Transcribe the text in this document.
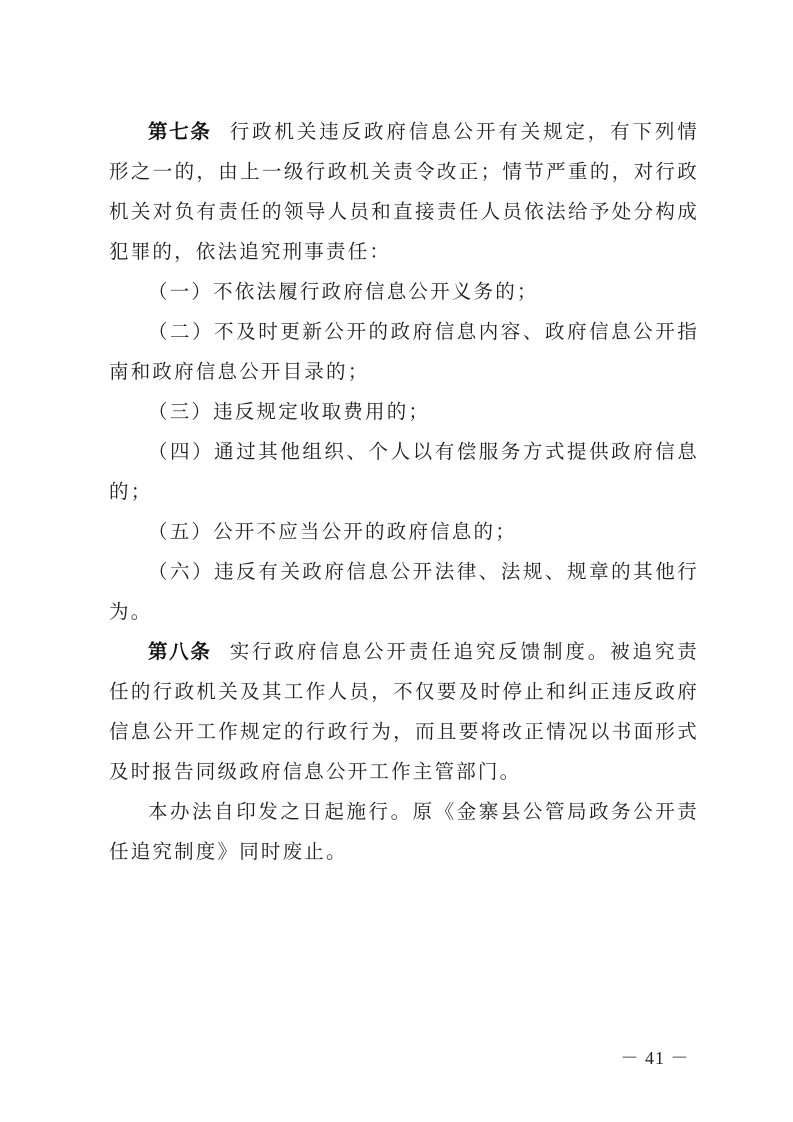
第七条 行政机关违反政府信息公开有关规定，有下列情形之一的，由上一级行政机关责令改正；情节严重的，对行政机关对负有责任的领导人员和直接责任人员依法给予处分构成犯罪的，依法追究刑事责任：

（一）不依法履行政府信息公开义务的；

（二）不及时更新公开的政府信息内容、政府信息公开指南和政府信息公开目录的；

（三）违反规定收取费用的；

（四）通过其他组织、个人以有偿服务方式提供政府信息的；

（五）公开不应当公开的政府信息的；

（六）违反有关政府信息公开法律、法规、规章的其他行为。

第八条 实行政府信息公开责任追究反馈制度。被追究责任的行政机关及其工作人员，不仅要及时停止和纠正违反政府信息公开工作规定的行政行为，而且要将改正情况以书面形式及时报告同级政府信息公开工作主管部门。

本办法自印发之日起施行。原《金寨县公管局政务公开责任追究制度》同时废止。

－ 41 －
